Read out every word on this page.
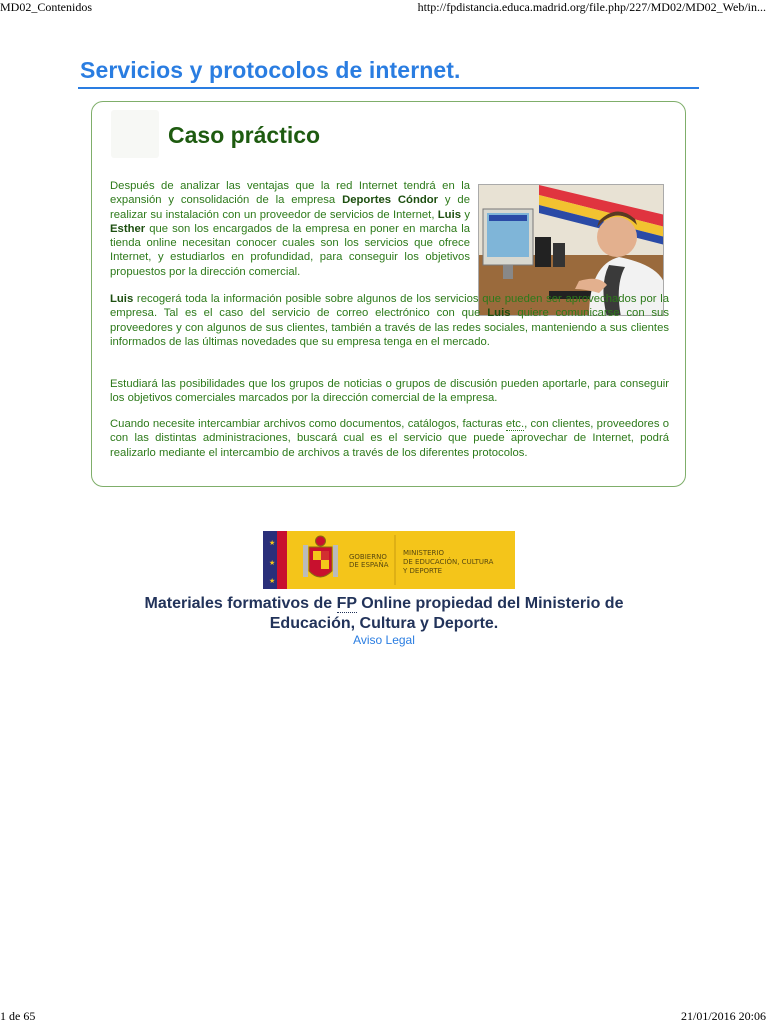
MD02_Contenidos	http://fpdistancia.educa.madrid.org/file.php/227/MD02/MD02_Web/in...
Servicios y protocolos de internet.
Caso práctico

Después de analizar las ventajas que la red Internet tendrá en la expansión y consolidación de la empresa Deportes Cóndor y de realizar su instalación con un proveedor de servicios de Internet, Luis y Esther que son los encargados de la empresa en poner en marcha la tienda online necesitan conocer cuales son los servicios que ofrece Internet, y estudiarlos en profundidad, para conseguir los objetivos propuestos por la dirección comercial.

Luis recogerá toda la información posible sobre algunos de los servicios que pueden ser aprovechados por la empresa. Tal es el caso del servicio de correo electrónico con que Luis quiere comunicarse con sus proveedores y con algunos de sus clientes, también a través de las redes sociales, manteniendo a sus clientes informados de las últimas novedades que su empresa tenga en el mercado.

Estudiará las posibilidades que los grupos de noticias o grupos de discusión pueden aportarle, para conseguir los objetivos comerciales marcados por la dirección comercial de la empresa.

Cuando necesite intercambiar archivos como documentos, catálogos, facturas etc., con clientes, proveedores o con las distintas administraciones, buscará cual es el servicio que puede aprovechar de Internet, podrá realizarlo mediante el intercambio de archivos a través de los diferentes protocolos.

★
★
★
GOBIERNO
DE ESPAÑA
MINISTERIO
DE EDUCACIÓN, CULTURA
Y DEPORTE
Materiales formativos de FP Online propiedad del Ministerio de
Educación, Cultura y Deporte.
Aviso Legal
1 de 65	21/01/2016 20:06
